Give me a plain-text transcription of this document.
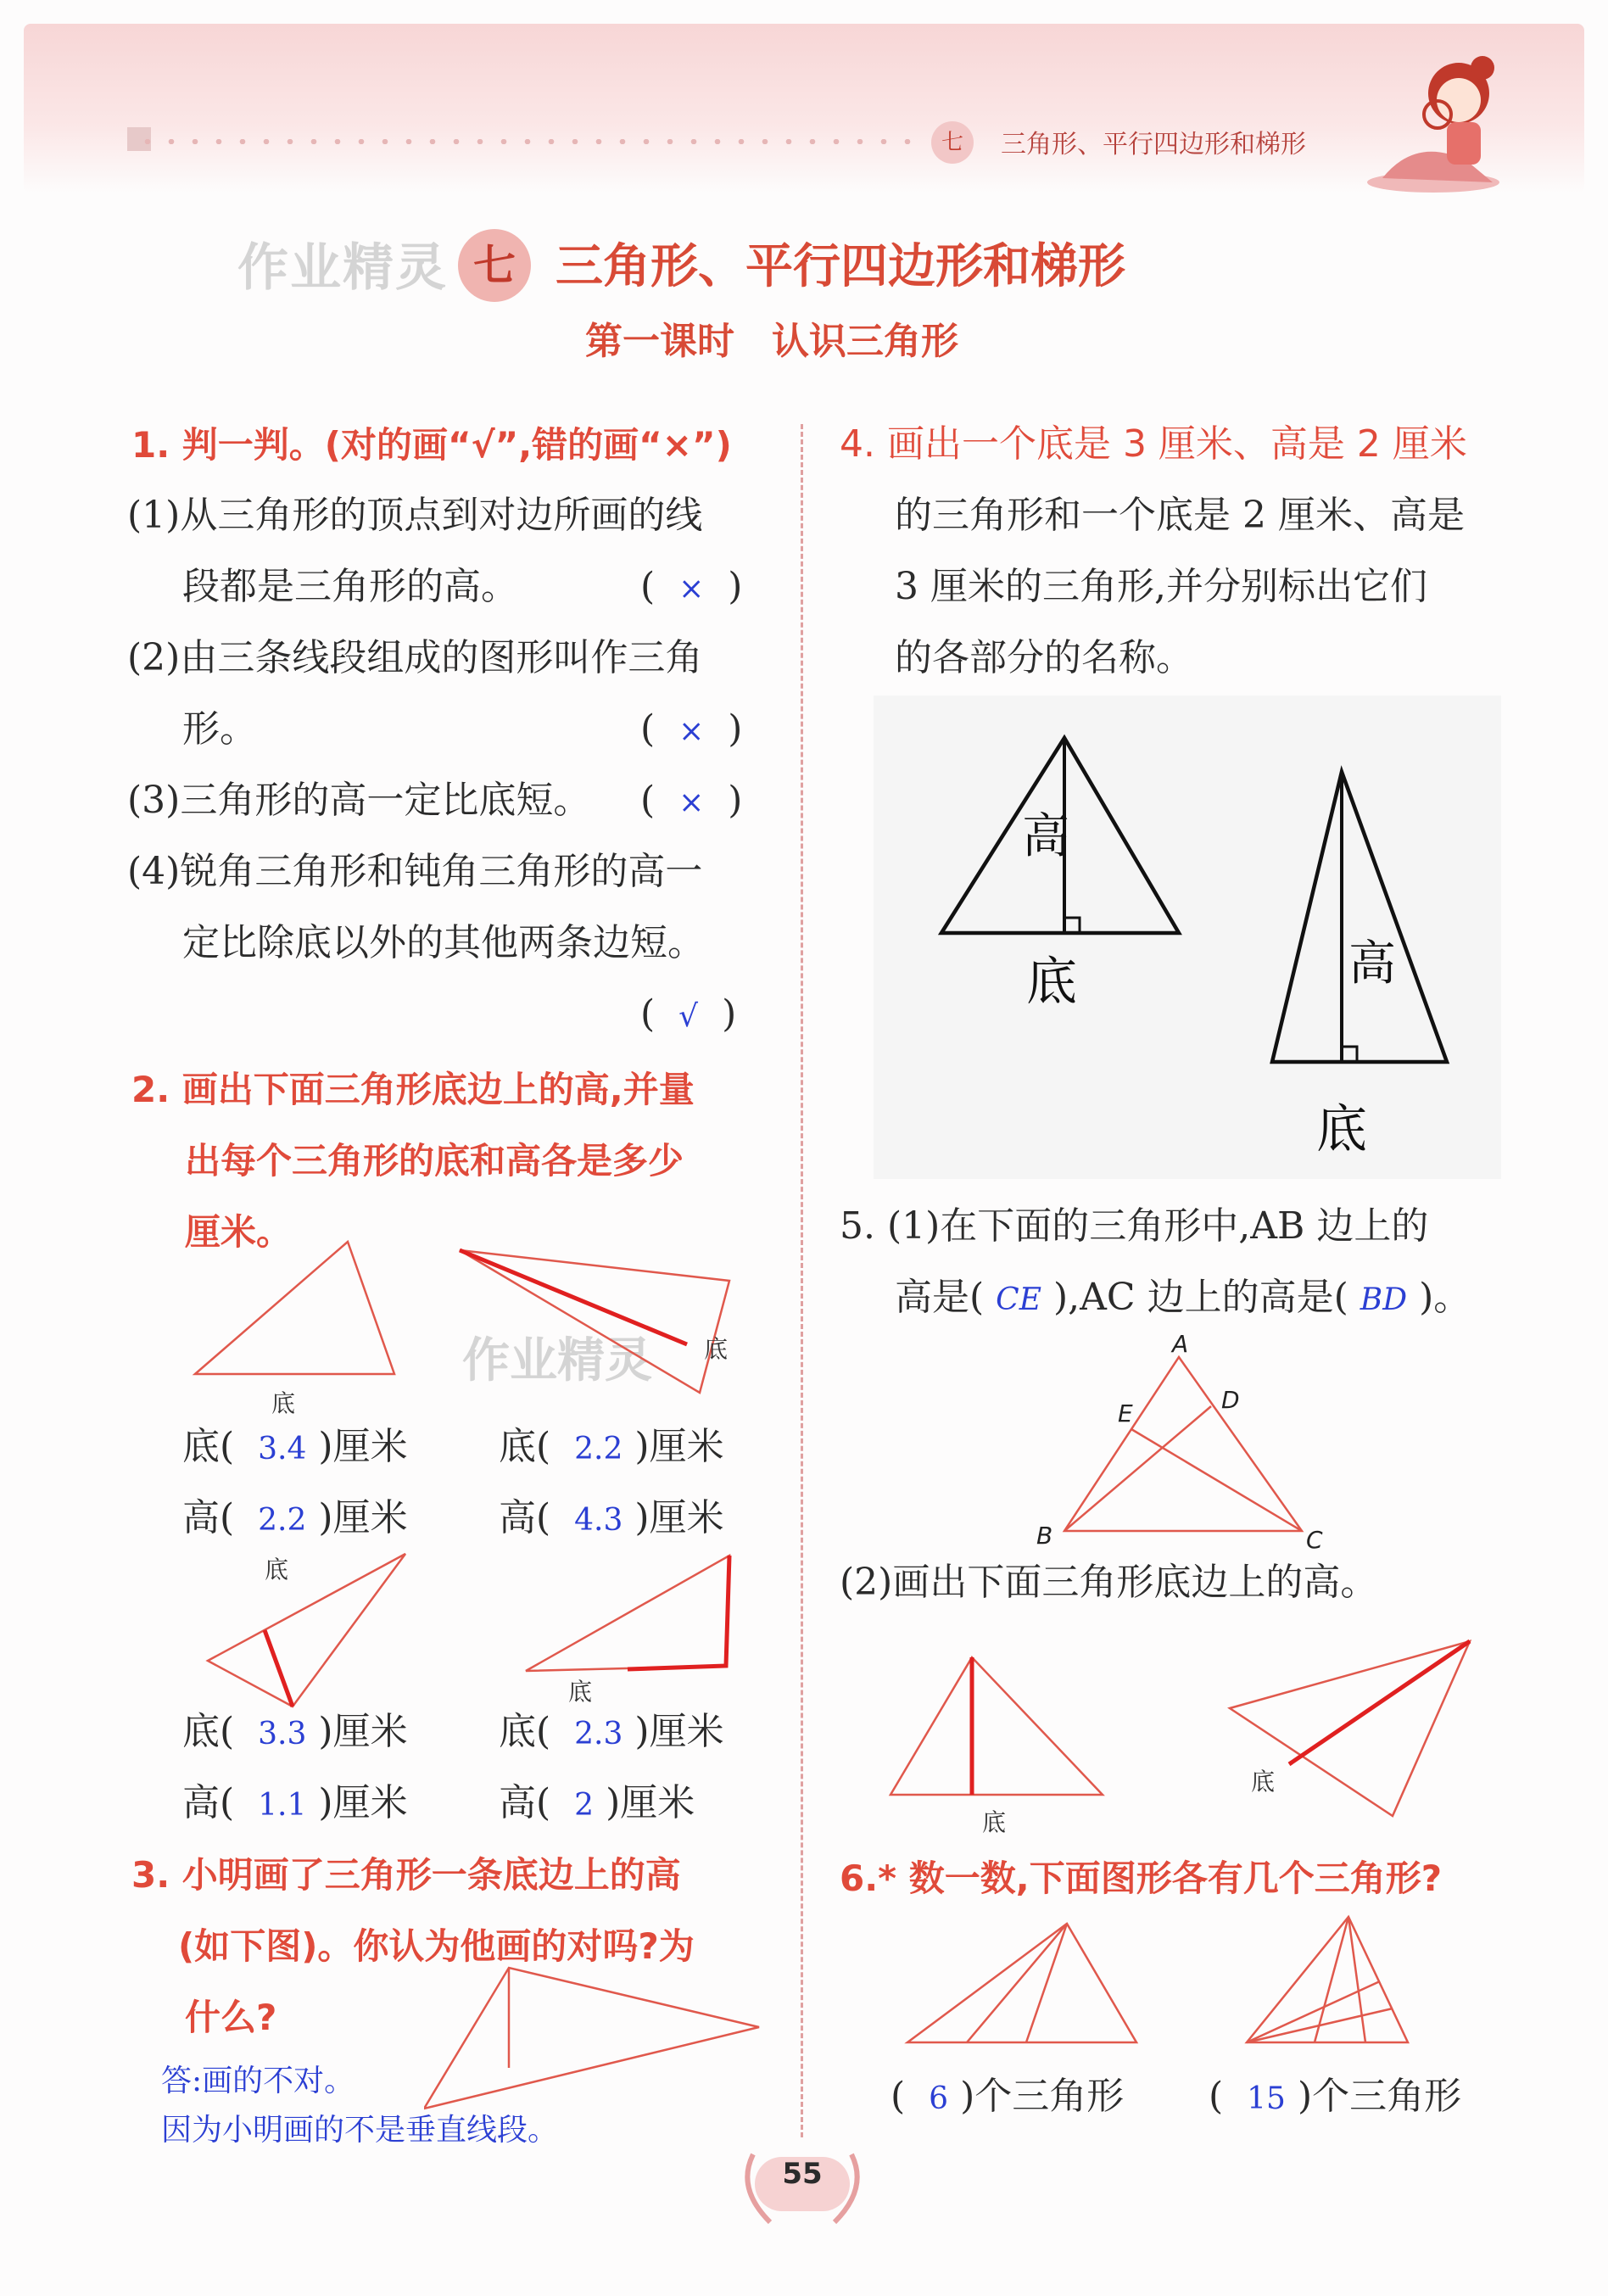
七	三角形、平行四边形和梯形
作业精灵
作业精灵
七 三角形、平行四边形和梯形
第一课时　认识三角形
1. 判一判。(对的画“√”,错的画“×”)
(1)从三角形的顶点到对边所画的线
段都是三角形的高。	(  ×  )
(2)由三条线段组成的图形叫作三角
形。	(  ×  )
(3)三角形的高一定比底短。 (  ×  )
(4)锐角三角形和钝角三角形的高一
定比除底以外的其他两条边短。
(  √  )
2. 画出下面三角形底边上的高,并量
出每个三角形的底和高各是多少
厘米。
底
底
底( 3.4 )厘米
高( 2.2 )厘米
底( 2.2 )厘米
高( 4.3 )厘米
底
底
底( 3.3 )厘米
高( 1.1 )厘米
底( 2.3 )厘米
高( 2 )厘米
3. 小明画了三角形一条底边上的高
(如下图)。你认为他画的对吗?为
什么?
答:画的不对。
因为小明画的不是垂直线段。
4. 画出一个底是 3 厘米、高是 2 厘米
的三角形和一个底是 2 厘米、高是
3 厘米的三角形,并分别标出它们
的各部分的名称。
高
底	高
底
5. (1)在下面的三角形中,AB 边上的
高是( CE ),AC 边上的高是( BD )。
A
B	C
D
E
(2)画出下面三角形底边上的高。
底
底
6.* 数一数,下面图形各有几个三角形?
( 6 )个三角形 ( 15 )个三角形
55
